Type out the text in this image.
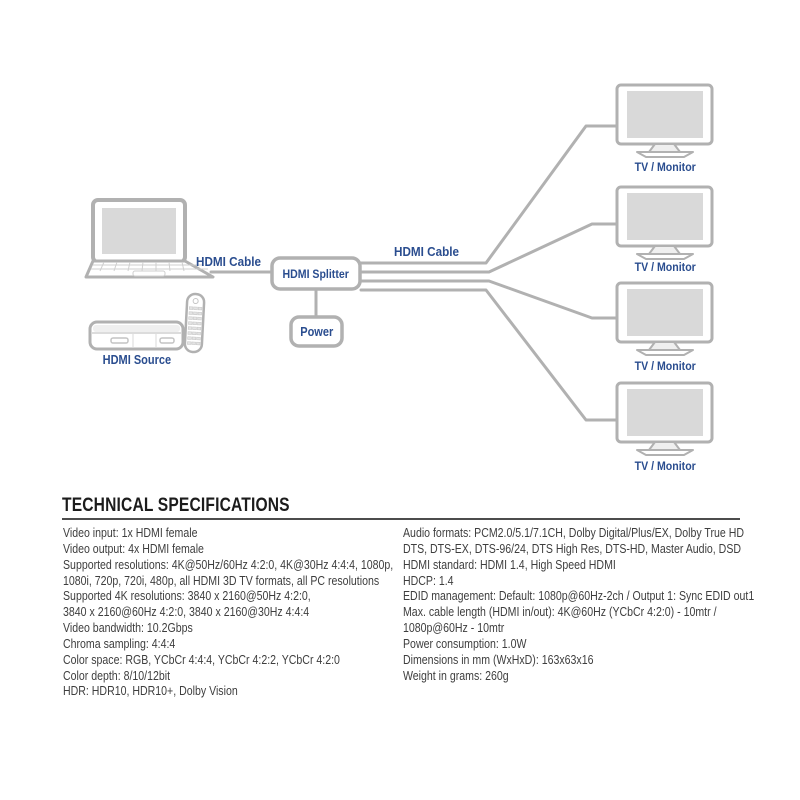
HDMI Cable
HDMI Cable
HDMI Splitter
Power
HDMI Source
TV / Monitor
TV / Monitor
TV / Monitor
TV / Monitor
TECHNICAL SPECIFICATIONS
Video input: 1x HDMI female
Video output: 4x HDMI female
Supported resolutions: 4K@50Hz/60Hz 4:2:0, 4K@30Hz 4:4:4, 1080p,
1080i, 720p, 720i, 480p, all HDMI 3D TV formats, all PC resolutions
Supported 4K resolutions: 3840 x 2160@50Hz 4:2:0,
3840 x 2160@60Hz 4:2:0, 3840 x 2160@30Hz 4:4:4
Video bandwidth: 10.2Gbps
Chroma sampling: 4:4:4
Color space: RGB, YCbCr 4:4:4, YCbCr 4:2:2, YCbCr 4:2:0
Color depth: 8/10/12bit
HDR: HDR10, HDR10+, Dolby Vision
Audio formats: PCM2.0/5.1/7.1CH, Dolby Digital/Plus/EX, Dolby True HD
DTS, DTS-EX, DTS-96/24, DTS High Res, DTS-HD, Master Audio, DSD
HDMI standard: HDMI 1.4, High Speed HDMI
HDCP: 1.4
EDID management: Default: 1080p@60Hz-2ch / Output 1: Sync EDID out1
Max. cable length (HDMI in/out): 4K@60Hz (YCbCr 4:2:0) - 10mtr /
1080p@60Hz - 10mtr
Power consumption: 1.0W
Dimensions in mm (WxHxD): 163x63x16
Weight in grams: 260g
